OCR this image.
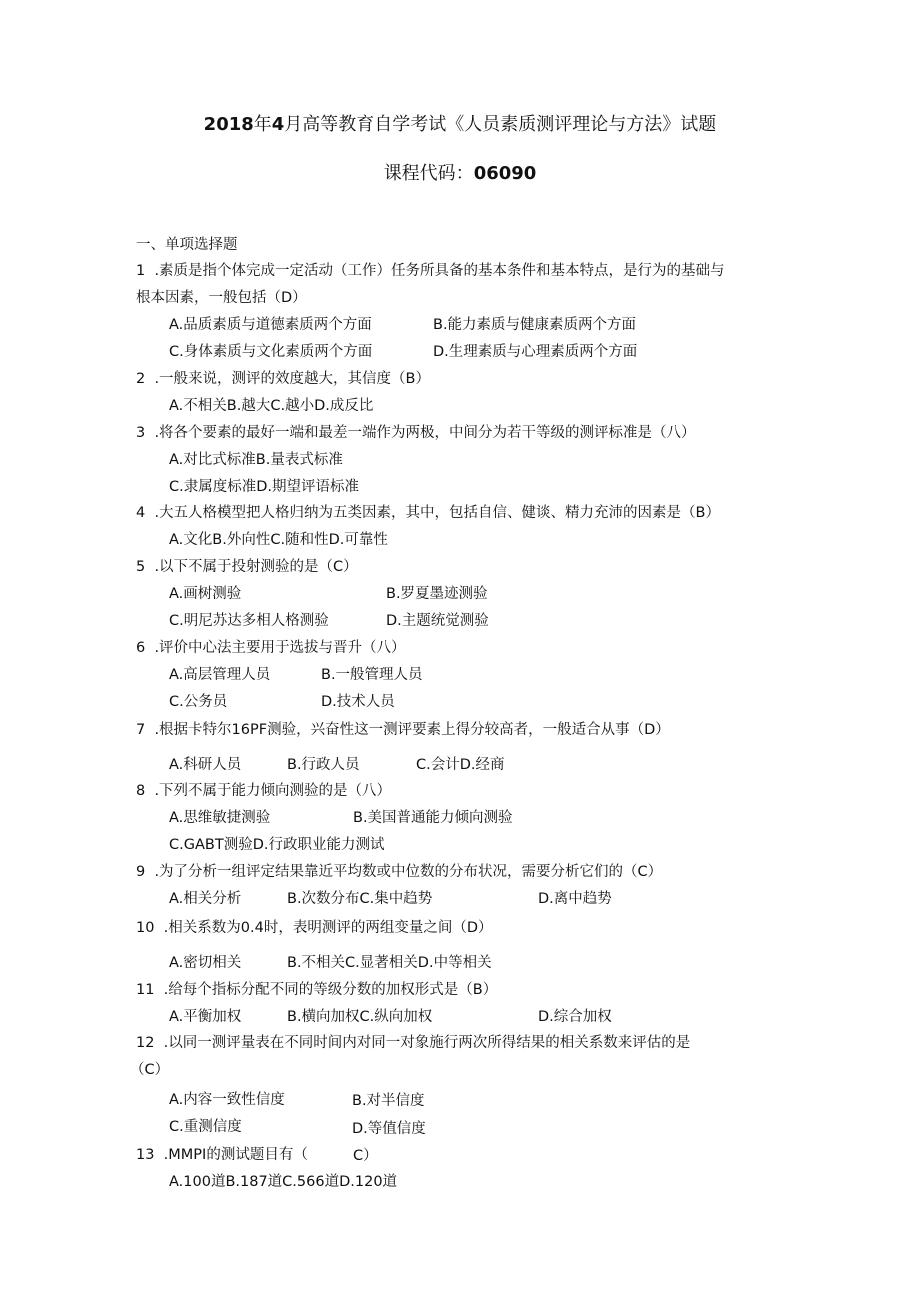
2018年4月高等教育自学考试《人员素质测评理论与方法》试题
课程代码：06090
一、单项选择题
1  .素质是指个体完成一定活动（工作）任务所具备的基本条件和基本特点，是行为的基础与
根本因素，一般包括（D）
A.品质素质与道德素质两个方面	B.能力素质与健康素质两个方面
C.身体素质与文化素质两个方面	D.生理素质与心理素质两个方面
2  .一般来说，测评的效度越大，其信度（B）
A.不相关B.越大C.越小D.成反比
3  .将各个要素的最好一端和最差一端作为两极，中间分为若干等级的测评标准是（八）
A.对比式标准B.量表式标准
C.隶属度标准D.期望评语标准
4  .大五人格模型把人格归纳为五类因素，其中，包括自信、健谈、精力充沛的因素是（B）
A.文化B.外向性C.随和性D.可靠性
5  .以下不属于投射测验的是（C）
A.画树测验	B.罗夏墨迹测验
C.明尼苏达多相人格测验	D.主题统觉测验
6  .评价中心法主要用于选拔与晋升（八）
A.高层管理人员	B.一般管理人员
C.公务员	D.技术人员
7  .根据卡特尔16PF测验，兴奋性这一测评要素上得分较高者，一般适合从事（D）
A.科研人员	B.行政人员	C.会计D.经商
8  .下列不属于能力倾向测验的是（八）
A.思维敏捷测验	B.美国普通能力倾向测验
C.GABT测验D.行政职业能力测试
9  .为了分析一组评定结果靠近平均数或中位数的分布状况，需要分析它们的（C）
A.相关分析	B.次数分布C.集中趋势	D.离中趋势
10  .相关系数为0.4时，表明测评的两组变量之间（D）
A.密切相关	B.不相关C.显著相关D.中等相关
11  .给每个指标分配不同的等级分数的加权形式是（B）
A.平衡加权	B.横向加权C.纵向加权	D.综合加权
12  .以同一测评量表在不同时间内对同一对象施行两次所得结果的相关系数来评估的是
（C）
A.内容一致性信度	B.对半信度
C.重测信度	D.等值信度
13  .MMPI的测试题目有（	C）
A.100道B.187道C.566道D.120道
